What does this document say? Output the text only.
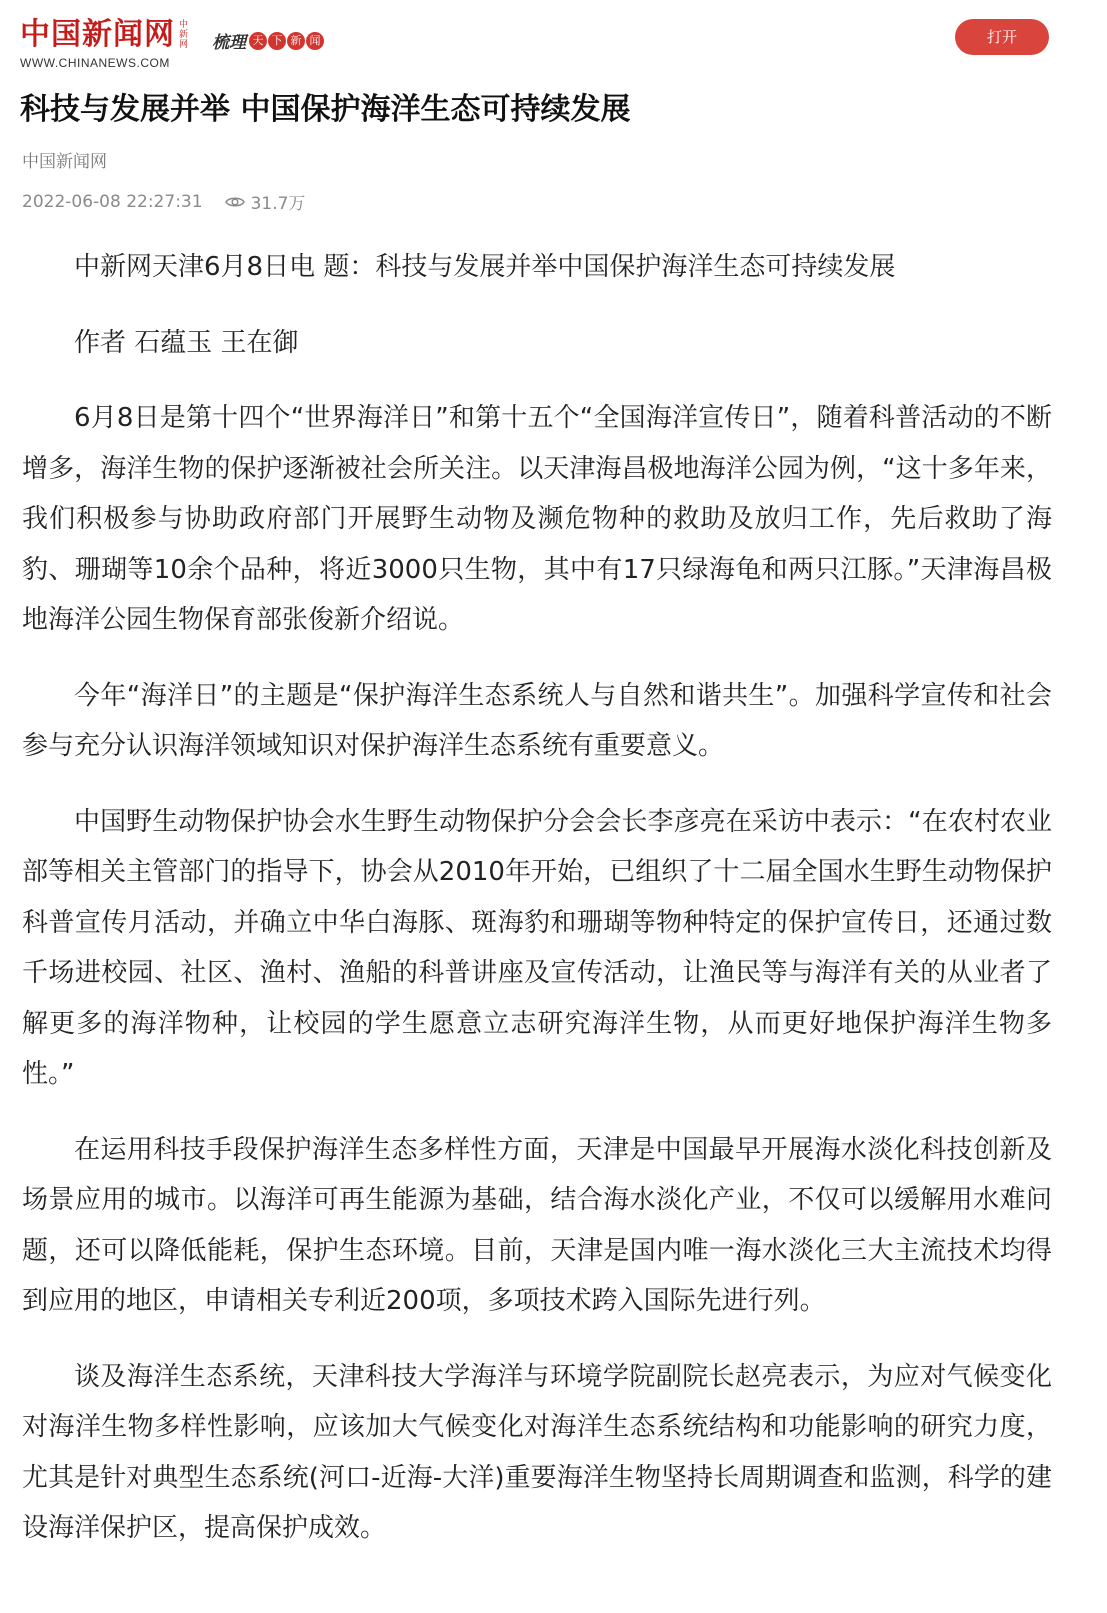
中国新闻网 中新网
WWW.CHINANEWS.COM
梳理 天 下 新 闻	打开
科技与发展并举 中国保护海洋生态可持续发展
中国新闻网
2022-06-08 22:27:31	31.7万

中新网天津6月8日电 题：科技与发展并举中国保护海洋生态可持续发展

作者 石蕴玉 王在御

6月8日是第十四个“世界海洋日”和第十五个“全国海洋宣传日”，随着科普活动的不断增多，海洋生物的保护逐渐被社会所关注。以天津海昌极地海洋公园为例，“这十多年来，我们积极参与协助政府部门开展野生动物及濒危物种的救助及放归工作，先后救助了海豹、珊瑚等10余个品种，将近3000只生物，其中有17只绿海龟和两只江豚。”天津海昌极地海洋公园生物保育部张俊新介绍说。

今年“海洋日”的主题是“保护海洋生态系统人与自然和谐共生”。加强科学宣传和社会参与充分认识海洋领域知识对保护海洋生态系统有重要意义。

中国野生动物保护协会水生野生动物保护分会会长李彦亮在采访中表示：“在农村农业部等相关主管部门的指导下，协会从2010年开始，已组织了十二届全国水生野生动物保护科普宣传月活动，并确立中华白海豚、斑海豹和珊瑚等物种特定的保护宣传日，还通过数千场进校园、社区、渔村、渔船的科普讲座及宣传活动，让渔民等与海洋有关的从业者了解更多的海洋物种，让校园的学生愿意立志研究海洋生物，从而更好地保护海洋生物多性。”

在运用科技手段保护海洋生态多样性方面，天津是中国最早开展海水淡化科技创新及场景应用的城市。以海洋可再生能源为基础，结合海水淡化产业，不仅可以缓解用水难问题，还可以降低能耗，保护生态环境。目前，天津是国内唯一海水淡化三大主流技术均得到应用的地区，申请相关专利近200项，多项技术跨入国际先进行列。

谈及海洋生态系统，天津科技大学海洋与环境学院副院长赵亮表示，为应对气候变化对海洋生物多样性影响，应该加大气候变化对海洋生态系统结构和功能影响的研究力度，尤其是针对典型生态系统(河口-近海-大洋)重要海洋生物坚持长周期调查和监测，科学的建设海洋保护区，提高保护成效。
